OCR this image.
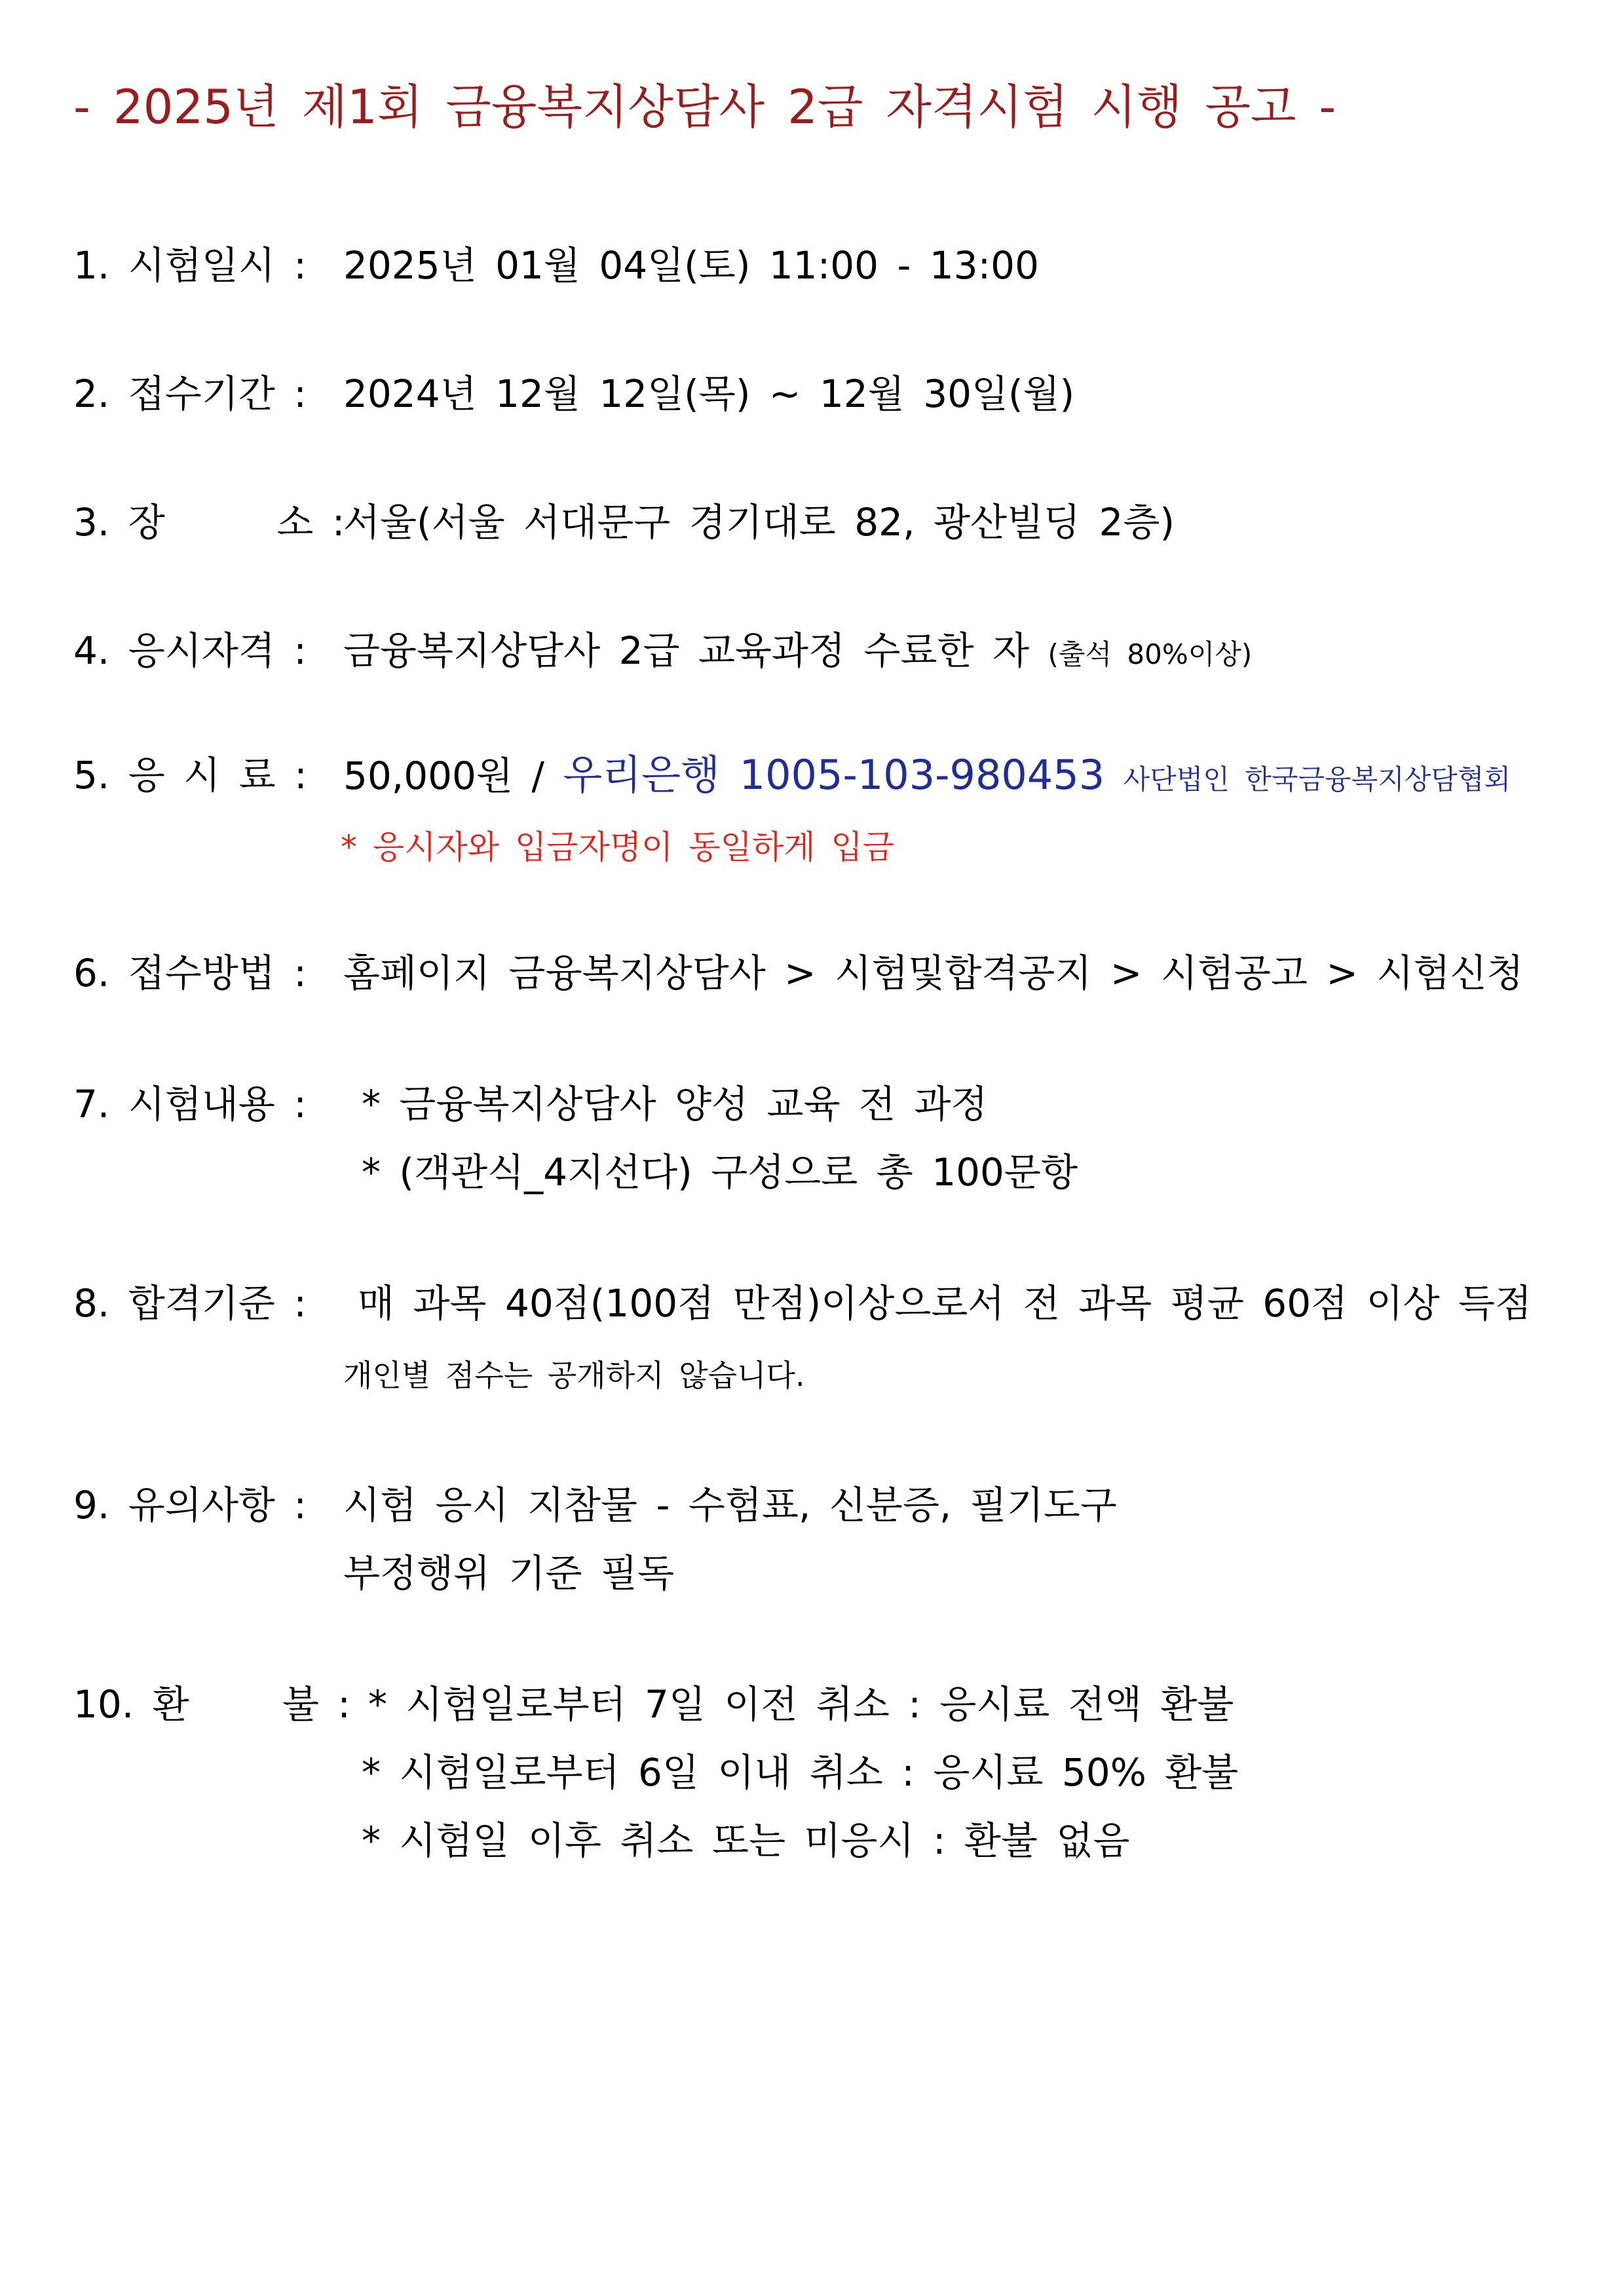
- 2025년 제1회 금융복지상담사 2급 자격시험 시행 공고 -
1. 시험일시 : 2025년 01월 04일(토) 11:00 - 13:00
2. 접수기간 : 2024년 12월 12일(목) ~ 12월 30일(월)
3. 장      소 :
서울(서울 서대문구 경기대로 82, 광산빌딩 2층)
4. 응시자격 : 금융복지상담사 2급 교육과정 수료한 자 (출석 80%이상)
5. 응 시 료 : 50,000원 / 우리은행 1005-103-980453 사단법인 한국금융복지상담협회
* 응시자와 입금자명이 동일하게 입금
6. 접수방법 : 홈페이지 금융복지상담사 > 시험및합격공지 > 시험공고 > 시험신청
7. 시험내용 : * 금융복지상담사 양성 교육 전 과정
* (객관식_4지선다) 구성으로 총 100문항
8. 합격기준 : 매 과목 40점(100점 만점)이상으로서 전 과목 평균 60점 이상 득점
개인별 점수는 공개하지 않습니다.
9. 유의사항 : 시험 응시 지참물 - 수험표, 신분증, 필기도구
부정행위 기준 필독
10. 환     불 : * 시험일로부터 7일 이전 취소 : 응시료 전액 환불
* 시험일로부터 6일 이내 취소 : 응시료 50% 환불
* 시험일 이후 취소 또는 미응시 : 환불 없음
